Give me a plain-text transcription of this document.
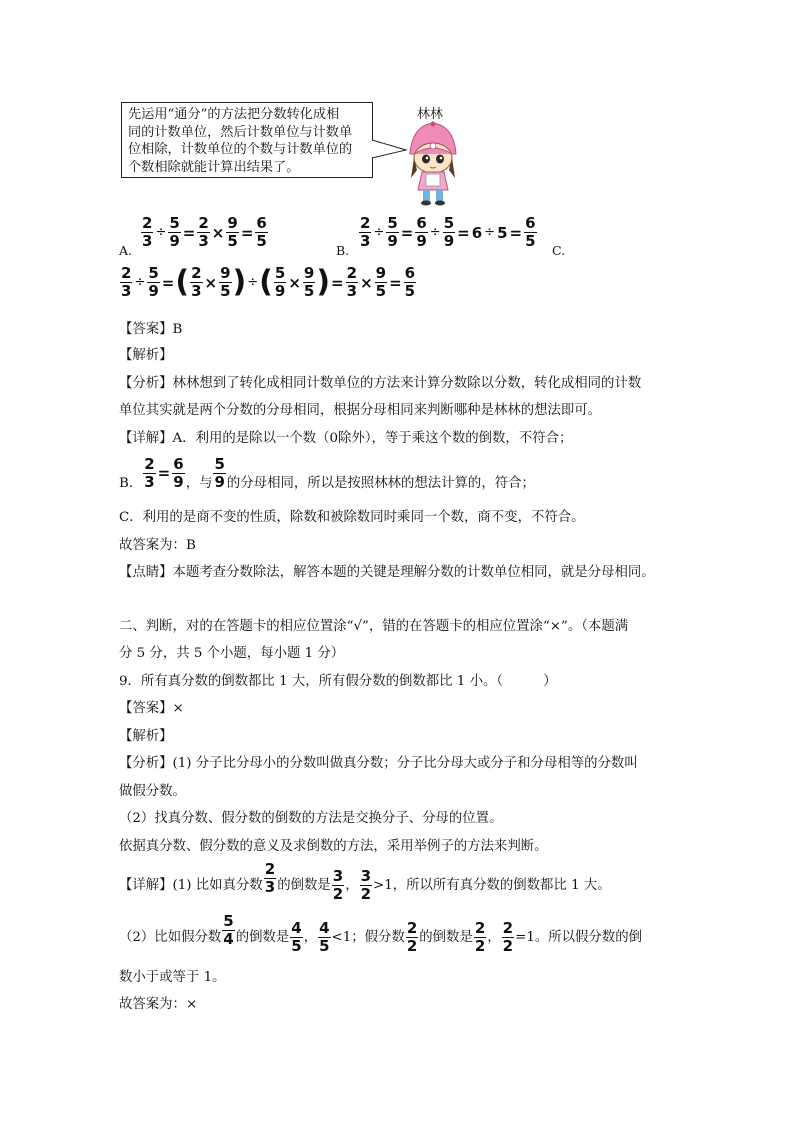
先运用“通分”的方法把分数转化成相
同的计数单位，然后计数单位与计数单
位相除，计数单位的个数与计数单位的
个数相除就能计算出结果了。
林林
A.
$\frac{2}{3} \div \frac{5}{9} = \frac{2}{3} \times \frac{9}{5} = \frac{6}{5}$
B.
$\frac{2}{3} \div \frac{5}{9} = \frac{6}{9} \div \frac{5}{9} = 6 \div 5 = \frac{6}{5}$
C.
$\frac{2}{3} \div \frac{5}{9}$ =( $\frac{2}{3} \times \frac{9}{5}$ )÷( $\frac{5}{9} \times \frac{9}{5}$ )= $\frac{2}{3} \times \frac{9}{5} = \frac{6}{5}$
【答案】B
【解析】
【分析】林林想到了转化成相同计数单位的方法来计算分数除以分数，转化成相同的计数
单位其实就是两个分数的分母相同，根据分母相同来判断哪种是林林的想法即可。
【详解】A．利用的是除以一个数（0除外），等于乘这个数的倒数，不符合；
B． $\frac{2}{3} = \frac{6}{9}$ ，与 $\frac{5}{9}$ 的分母相同，所以是按照林林的想法计算的，符合；
C．利用的是商不变的性质，除数和被除数同时乘同一个数，商不变，不符合。
故答案为：B
【点睛】本题考查分数除法，解答本题的关键是理解分数的计数单位相同，就是分母相同。
二、判断，对的在答题卡的相应位置涂“√”，错的在答题卡的相应位置涂“×”。（本题满
分 5 分，共 5 个小题，每小题 1 分）
9．所有真分数的倒数都比 1 大，所有假分数的倒数都比 1 小。（　　　）
【答案】×
【解析】
【分析】(1) 分子比分母小的分数叫做真分数；分子比分母大或分子和分母相等的分数叫
做假分数。
（2）找真分数、假分数的倒数的方法是交换分子、分母的位置。
依据真分数、假分数的意义及求倒数的方法，采用举例子的方法来判断。
【详解】(1) 比如真分数 $\frac{2}{3}$ 的倒数是 $\frac{3}{2}$ ， $\frac{3}{2} >1$，所以所有真分数的倒数都比 1 大。
（2）比如假分数 $\frac{5}{4}$ 的倒数是 $\frac{4}{5}$ ， $\frac{4}{5} <1$；假分数 $\frac{2}{2}$ 的倒数是 $\frac{2}{2}$ ， $\frac{2}{2} =1$。所以假分数的倒
数小于或等于 1。
故答案为：×
